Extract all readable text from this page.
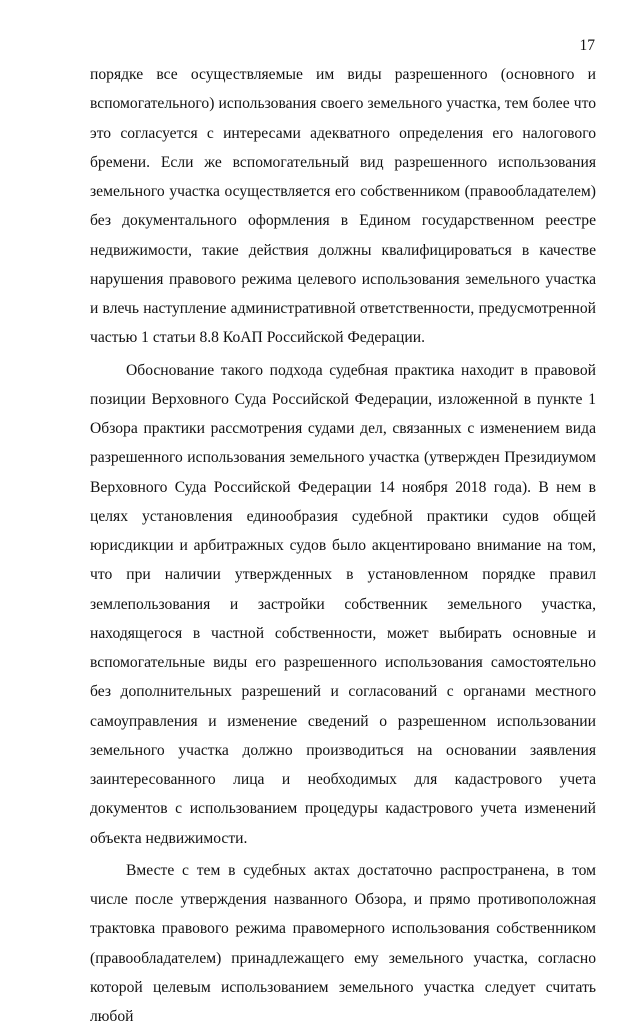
17

порядке все осуществляемые им виды разрешенного (основного и вспомогательного) использования своего земельного участка, тем более что это согласуется с интересами адекватного определения его налогового бремени. Если же вспомогательный вид разрешенного использования земельного участка осуществляется его собственником (правообладателем) без документального оформления в Едином государственном реестре недвижимости, такие действия должны квалифицироваться в качестве нарушения правового режима целевого использования земельного участка и влечь наступление административной ответственности, предусмотренной частью 1 статьи 8.8 КоАП Российской Федерации.

Обоснование такого подхода судебная практика находит в правовой позиции Верховного Суда Российской Федерации, изложенной в пункте 1 Обзора практики рассмотрения судами дел, связанных с изменением вида разрешенного использования земельного участка (утвержден Президиумом Верховного Суда Российской Федерации 14 ноября 2018 года). В нем в целях установления единообразия судебной практики судов общей юрисдикции и арбитражных судов было акцентировано внимание на том, что при наличии утвержденных в установленном порядке правил землепользования и застройки собственник земельного участка, находящегося в частной собственности, может выбирать основные и вспомогательные виды его разрешенного использования самостоятельно без дополнительных разрешений и согласований с органами местного самоуправления и изменение сведений о разрешенном использовании земельного участка должно производиться на основании заявления заинтересованного лица и необходимых для кадастрового учета документов с использованием процедуры кадастрового учета изменений объекта недвижимости.

Вместе с тем в судебных актах достаточно распространена, в том числе после утверждения названного Обзора, и прямо противоположная трактовка правового режима правомерного использования собственником (правообладателем) принадлежащего ему земельного участка, согласно которой целевым использованием земельного участка следует считать любой
